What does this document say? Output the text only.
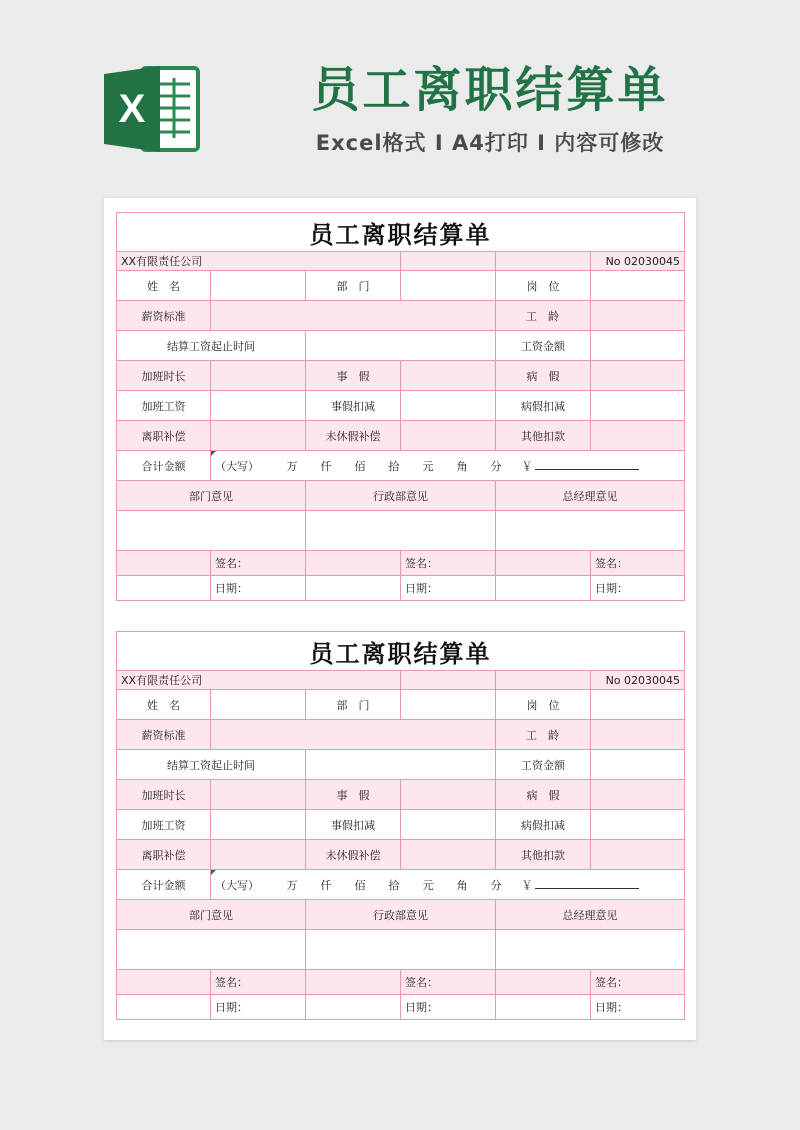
X	员工离职结算单
Excel格式 I A4打印 I 内容可修改
员工离职结算单					
XX有限责任公司					No 02030045
姓　名		部　门		岗　位	
薪资标准				工　龄	
结算工资起止时间				工资金额	
加班时长		事　假		病　假	
加班工资		事假扣减		病假扣减	
离职补偿		未休假补偿		其他扣款	
合计金额	（大写） 万 仟 佰 拾 元 角 分 ￥				
部门意见		行政部意见		总经理意见	

	签名：		签名：		签名：
	日期：		日期：		日期：
员工离职结算单					
XX有限责任公司					No 02030045
姓　名		部　门		岗　位	
薪资标准				工　龄	
结算工资起止时间				工资金额	
加班时长		事　假		病　假	
加班工资		事假扣减		病假扣减	
离职补偿		未休假补偿		其他扣款	
合计金额	（大写） 万 仟 佰 拾 元 角 分 ￥				
部门意见		行政部意见		总经理意见	

	签名：		签名：		签名：
	日期：		日期：		日期：
